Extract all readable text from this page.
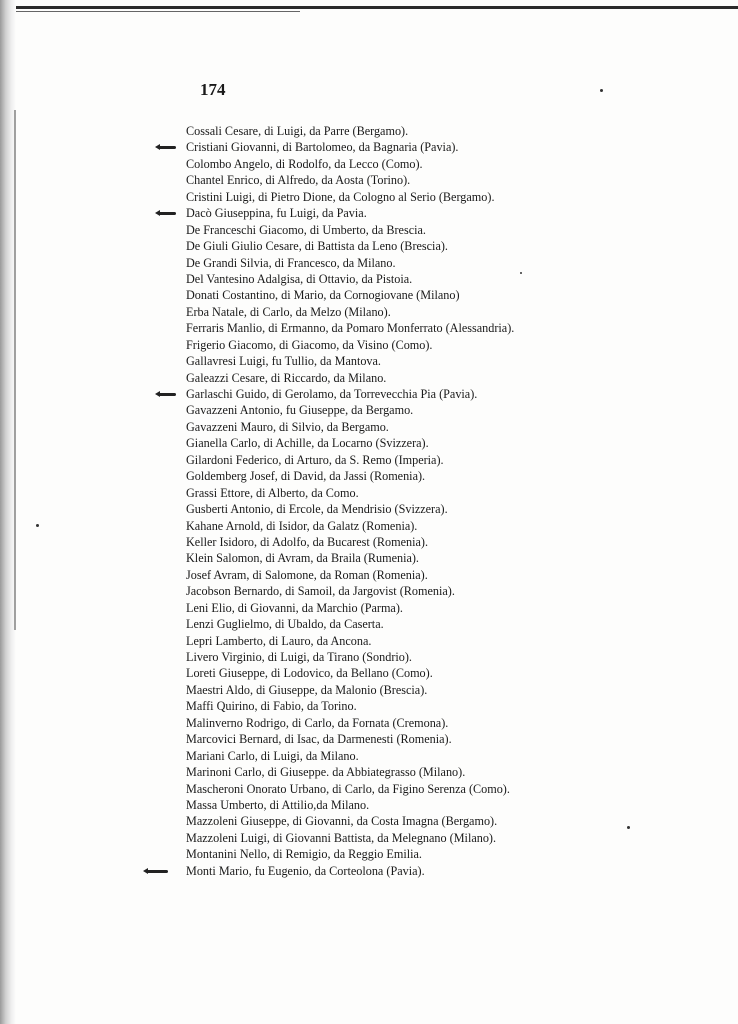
174
Cossali Cesare, di Luigi, da Parre (Bergamo).
Cristiani Giovanni, di Bartolomeo, da Bagnaria (Pavia).
Colombo Angelo, di Rodolfo, da Lecco (Como).
Chantel Enrico, di Alfredo, da Aosta (Torino).
Cristini Luigi, di Pietro Dione, da Cologno al Serio (Bergamo).
Dacò Giuseppina, fu Luigi, da Pavia.
De Franceschi Giacomo, di Umberto, da Brescia.
De Giuli Giulio Cesare, di Battista da Leno (Brescia).
De Grandi Silvia, di Francesco, da Milano.
Del Vantesino Adalgisa, di Ottavio, da Pistoia.
Donati Costantino, di Mario, da Cornogiovane (Milano)
Erba Natale, di Carlo, da Melzo (Milano).
Ferraris Manlio, di Ermanno, da Pomaro Monferrato (Alessandria).
Frigerio Giacomo, di Giacomo, da Visino (Como).
Gallavresi Luigi, fu Tullio, da Mantova.
Galeazzi Cesare, di Riccardo, da Milano.
Garlaschi Guido, di Gerolamo, da Torrevecchia Pia (Pavia).
Gavazzeni Antonio, fu Giuseppe, da Bergamo.
Gavazzeni Mauro, di Silvio, da Bergamo.
Gianella Carlo, di Achille, da Locarno (Svizzera).
Gilardoni Federico, di Arturo, da S. Remo (Imperia).
Goldemberg Josef, di David, da Jassi (Romenia).
Grassi Ettore, di Alberto, da Como.
Gusberti Antonio, di Ercole, da Mendrisio (Svizzera).
Kahane Arnold, di Isidor, da Galatz (Romenia).
Keller Isidoro, di Adolfo, da Bucarest (Romenia).
Klein Salomon, di Avram, da Braila (Rumenia).
Josef Avram, di Salomone, da Roman (Romenia).
Jacobson Bernardo, di Samoil, da Jargovist (Romenia).
Leni Elio, di Giovanni, da Marchio (Parma).
Lenzi Guglielmo, di Ubaldo, da Caserta.
Lepri Lamberto, di Lauro, da Ancona.
Livero Virginio, di Luigi, da Tirano (Sondrio).
Loreti Giuseppe, di Lodovico, da Bellano (Como).
Maestri Aldo, di Giuseppe, da Malonio (Brescia).
Maffi Quirino, di Fabio, da Torino.
Malinverno Rodrigo, di Carlo, da Fornata (Cremona).
Marcovici Bernard, di Isac, da Darmenesti (Romenia).
Mariani Carlo, di Luigi, da Milano.
Marinoni Carlo, di Giuseppe. da Abbiategrasso (Milano).
Mascheroni Onorato Urbano, di Carlo, da Figino Serenza (Como).
Massa Umberto, di Attilio,da Milano.
Mazzoleni Giuseppe, di Giovanni, da Costa Imagna (Bergamo).
Mazzoleni Luigi, di Giovanni Battista, da Melegnano (Milano).
Montanini Nello, di Remigio, da Reggio Emilia.
Monti Mario, fu Eugenio, da Corteolona (Pavia).
